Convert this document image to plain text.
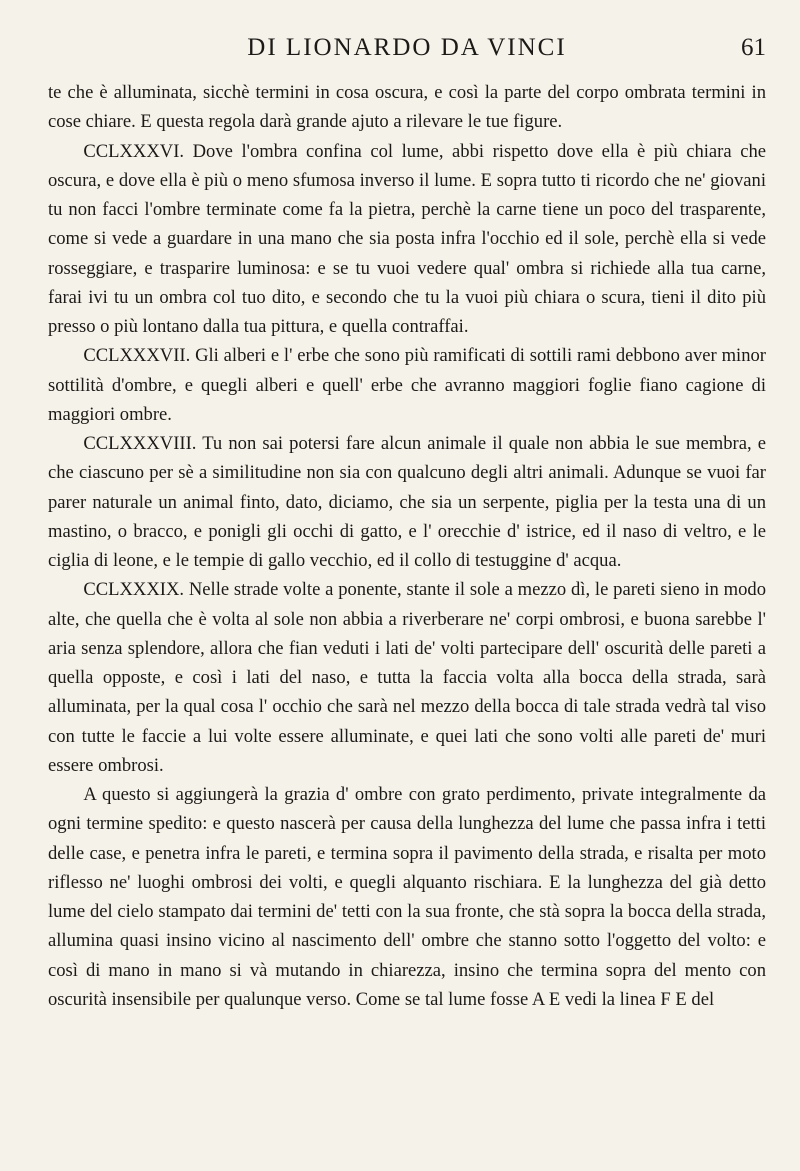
DI LIONARDO DA VINCI	61

te che è alluminata, sicchè termini in cosa oscura, e così la parte del corpo ombrata termini in cose chiare. E questa regola darà grande ajuto a rilevare le tue figure.

CCLXXXVI. Dove l'ombra confina col lume, abbi rispetto dove ella è più chiara che oscura, e dove ella è più o meno sfumosa inverso il lume. E sopra tutto ti ricordo che ne' giovani tu non facci l'ombre terminate come fa la pietra, perchè la carne tiene un poco del trasparente, come si vede a guardare in una mano che sia posta infra l'occhio ed il sole, perchè ella si vede rosseggiare, e trasparire luminosa: e se tu vuoi vedere qual' ombra si richiede alla tua carne, farai ivi tu un ombra col tuo dito, e secondo che tu la vuoi più chiara o scura, tieni il dito più presso o più lontano dalla tua pittura, e quella contraffai.

CCLXXXVII. Gli alberi e l' erbe che sono più ramificati di sottili rami debbono aver minor sottilità d'ombre, e quegli alberi e quell' erbe che avranno maggiori foglie fiano cagione di maggiori ombre.

CCLXXXVIII. Tu non sai potersi fare alcun animale il quale non abbia le sue membra, e che ciascuno per sè a similitudine non sia con qualcuno degli altri animali. Adunque se vuoi far parer naturale un animal finto, dato, diciamo, che sia un serpente, piglia per la testa una di un mastino, o bracco, e ponigli gli occhi di gatto, e l' orecchie d' istrice, ed il naso di veltro, e le ciglia di leone, e le tempie di gallo vecchio, ed il collo di testuggine d' acqua.

CCLXXXIX. Nelle strade volte a ponente, stante il sole a mezzo dì, le pareti sieno in modo alte, che quella che è volta al sole non abbia a riverberare ne' corpi ombrosi, e buona sarebbe l' aria senza splendore, allora che fian veduti i lati de' volti partecipare dell' oscurità delle pareti a quella opposte, e così i lati del naso, e tutta la faccia volta alla bocca della strada, sarà alluminata, per la qual cosa l' occhio che sarà nel mezzo della bocca di tale strada vedrà tal viso con tutte le faccie a lui volte essere alluminate, e quei lati che sono volti alle pareti de' muri essere ombrosi.

A questo si aggiungerà la grazia d' ombre con grato perdimento, private integralmente da ogni termine spedito: e questo nascerà per causa della lunghezza del lume che passa infra i tetti delle case, e penetra infra le pareti, e termina sopra il pavimento della strada, e risalta per moto riflesso ne' luoghi ombrosi dei volti, e quegli alquanto rischiara. E la lunghezza del già detto lume del cielo stampato dai termini de' tetti con la sua fronte, che stà sopra la bocca della strada, allumina quasi insino vicino al nascimento dell' ombre che stanno sotto l'oggetto del volto: e così di mano in mano si và mutando in chiarezza, insino che termina sopra del mento con oscurità insensibile per qualunque verso. Come se tal lume fosse A E vedi la linea F E del
